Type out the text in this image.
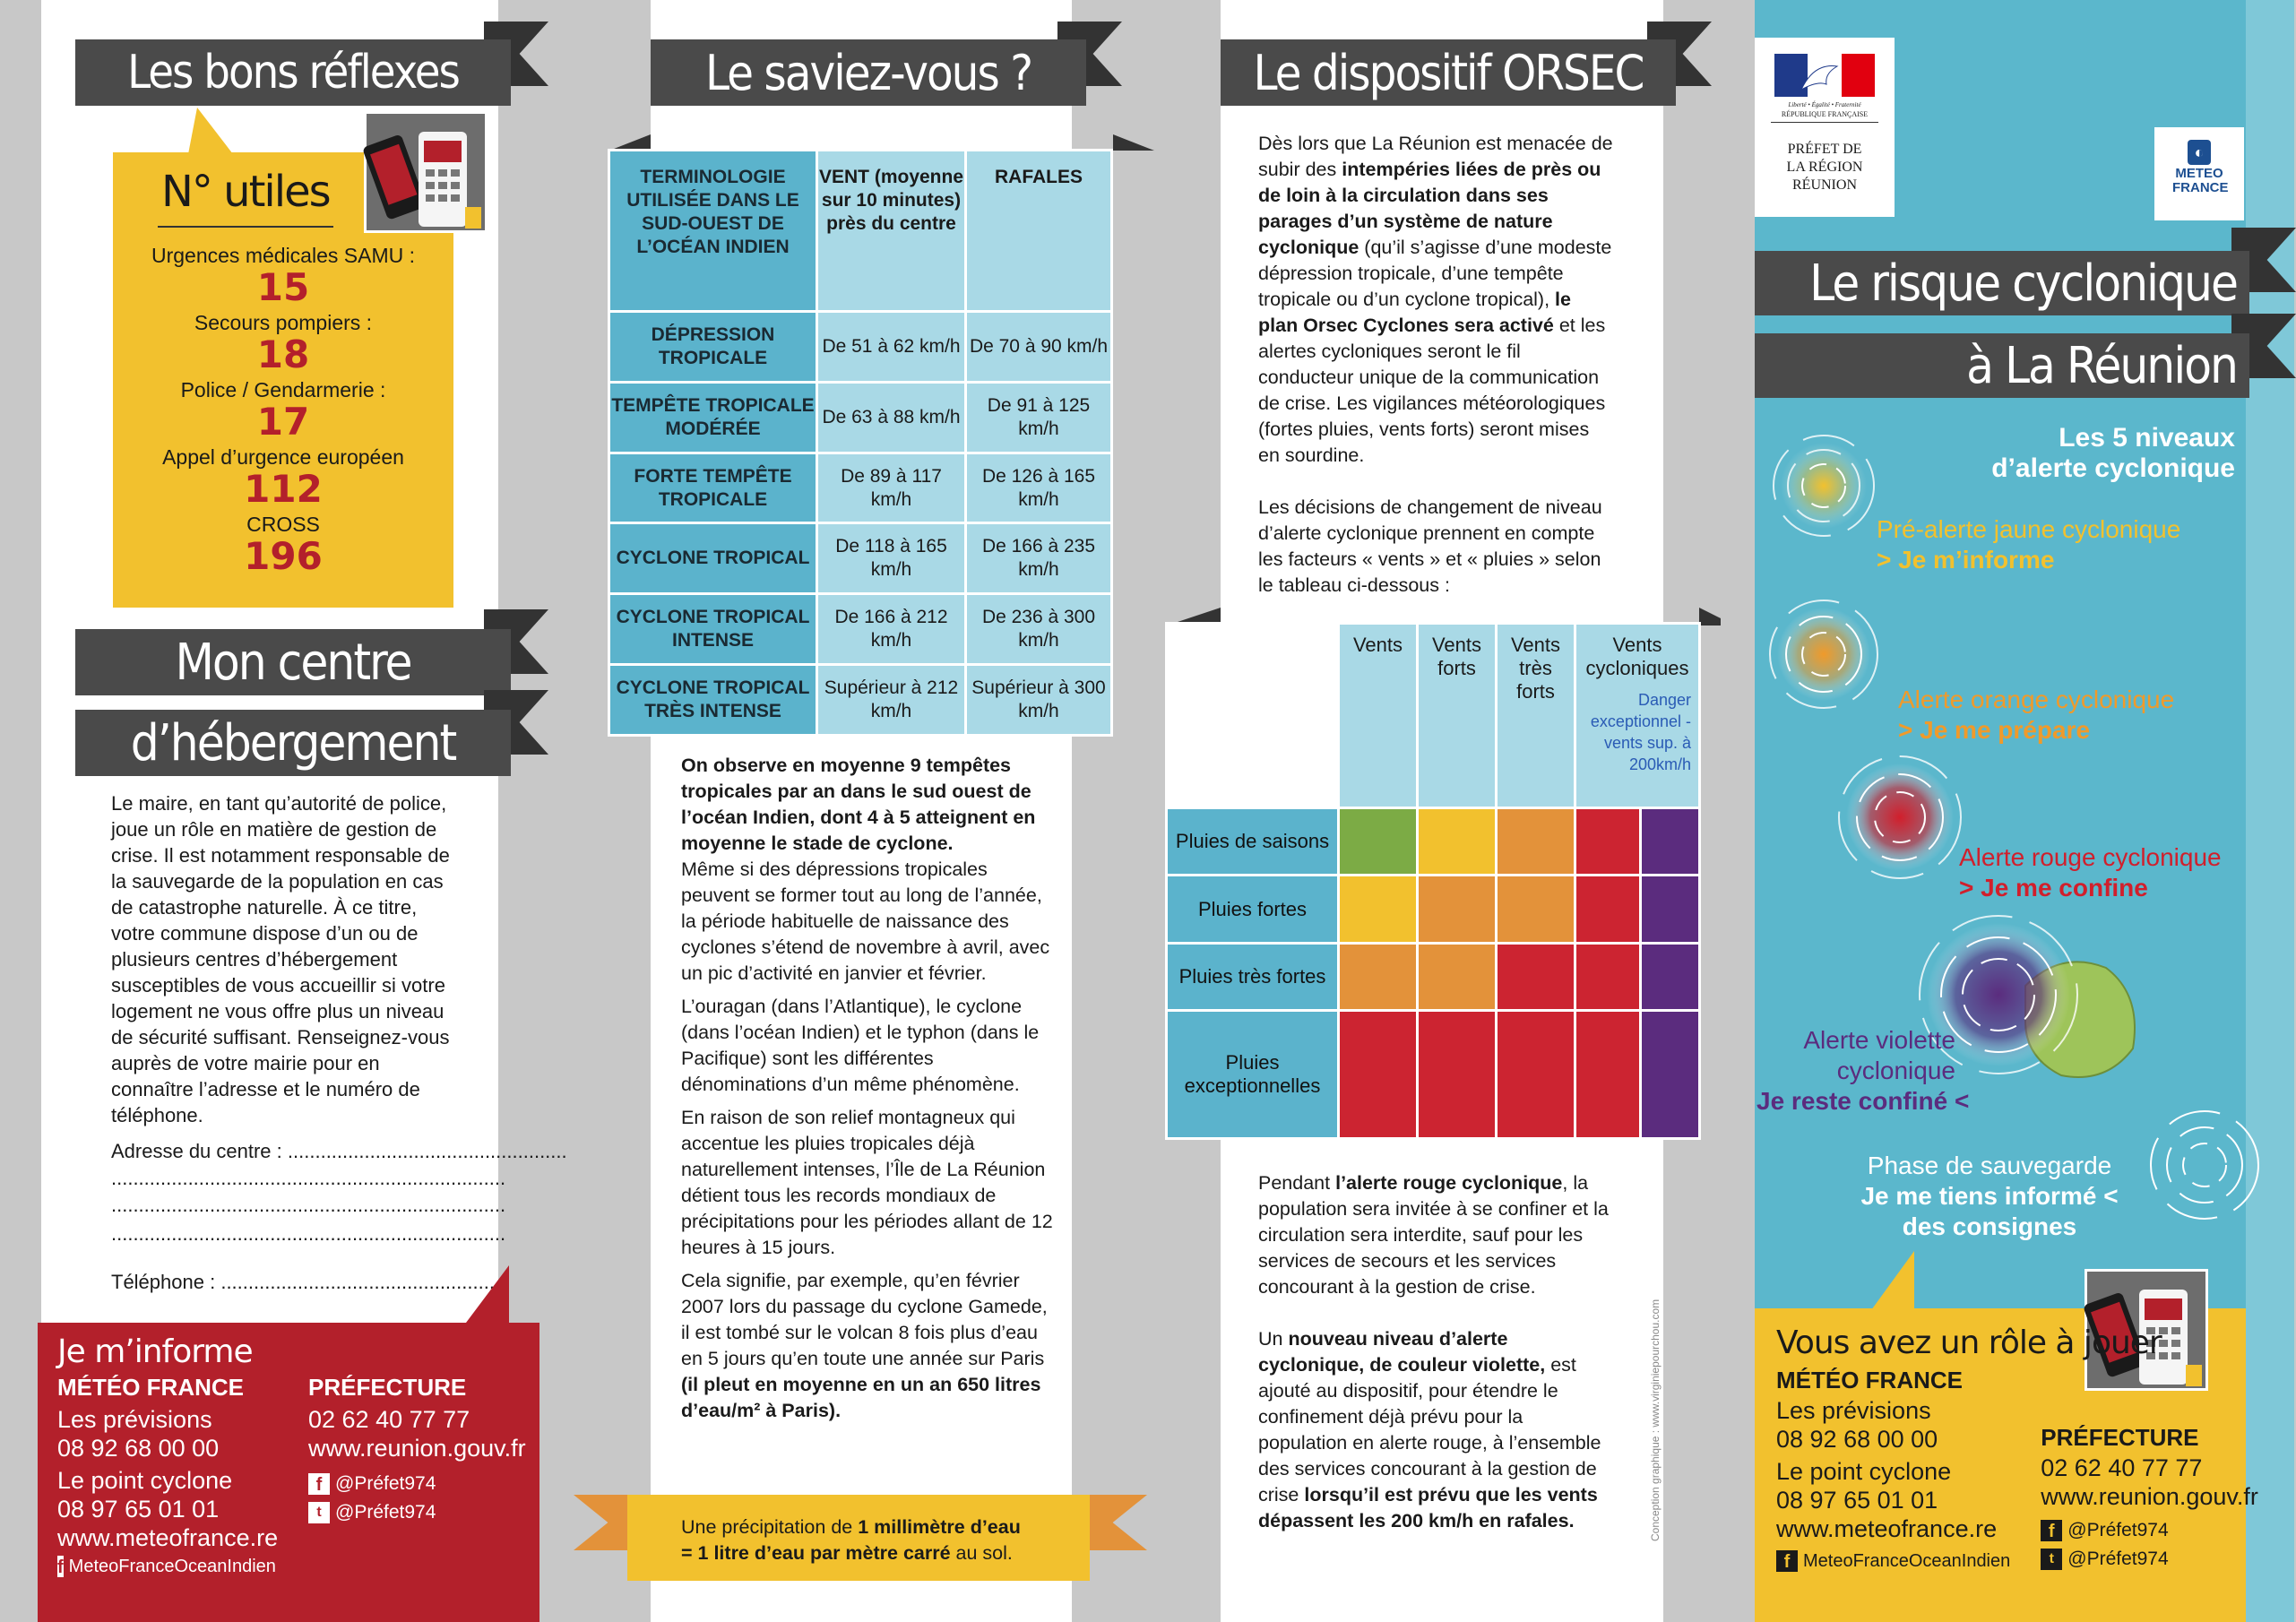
Les bons réflexes
N° utiles
Urgences médicales SAMU :
15
Secours pompiers :
18
Police / Gendarmerie :
17
Appel d’urgence européen
112
CROSS
196
Mon centre
d’hébergement
Le maire, en tant qu’autorité de police, joue un rôle en matière de gestion de crise. Il est notamment responsable de la sauvegarde de la population en cas de catastrophe naturelle. À ce titre, votre commune dispose d’un ou de plusieurs centres d’hébergement susceptibles de vous accueillir si votre logement ne vous offre plus un niveau de sécurité suffisant. Renseignez-vous auprès de votre mairie pour en connaître l’adresse et le numéro de téléphone.
Adresse du centre : ...................................................
........................................................................
........................................................................
........................................................................
Téléphone : ...................................................
Je m’informe
MÉTÉO FRANCE
Les prévisions
08 92 68 00 00
Le point cyclone
08 97 65 01 01
www.meteofrance.re
f MeteoFranceOceanIndien
PRÉFECTURE
02 62 40 77 77
www.reunion.gouv.fr
f @Préfet974
t @Préfet974
Le saviez-vous ?
TERMINOLOGIE UTILISÉE DANS LE SUD-OUEST DE L’OCÉAN INDIEN	VENT (moyenne sur 10 minutes) près du centre	RAFALES
DÉPRESSION TROPICALE	De 51 à 62 km/h	De 70 à 90 km/h
TEMPÊTE TROPICALE MODÉRÉE	De 63 à 88 km/h	De 91 à 125 km/h
FORTE TEMPÊTE TROPICALE	De 89 à 117 km/h	De 126 à 165 km/h
CYCLONE TROPICAL	De 118 à 165 km/h	De 166 à 235 km/h
CYCLONE TROPICAL INTENSE	De 166 à 212 km/h	De 236 à 300 km/h
CYCLONE TROPICAL TRÈS INTENSE	Supérieur à 212 km/h	Supérieur à 300 km/h

On observe en moyenne 9 tempêtes tropicales par an dans le sud ouest de l’océan Indien, dont 4 à 5 atteignent en moyenne le stade de cyclone.

Même si des dépressions tropicales peuvent se former tout au long de l’année, la période habituelle de naissance des cyclones s’étend de novembre à avril, avec un pic d’activité en janvier et février.

L’ouragan (dans l’Atlantique), le cyclone (dans l’océan Indien) et le typhon (dans le Pacifique) sont les différentes dénominations d’un même phénomène.

En raison de son relief montagneux qui accentue les pluies tropicales déjà naturellement intenses, l’Île de La Réunion détient tous les records mondiaux de précipitations pour les périodes allant de 12 heures à 15 jours.

Cela signifie, par exemple, qu’en février 2007 lors du passage du cyclone Gamede, il est tombé sur le volcan 8 fois plus d’eau en 5 jours qu’en toute une année sur Paris (il pleut en moyenne en un an 650 litres d’eau/m² à Paris).

Une précipitation de 1 millimètre d’eau
= 1 litre d’eau par mètre carré au sol.
Le dispositif ORSEC

Dès lors que La Réunion est menacée de subir des intempéries liées de près ou de loin à la circulation dans ses parages d’un système de nature cyclonique (qu’il s’agisse d’une modeste dépression tropicale, d’une tempête tropicale ou d’un cyclone tropical), le plan Orsec Cyclones sera activé et les alertes cycloniques seront le fil conducteur unique de la communication de crise. Les vigilances météorologiques (fortes pluies, vents forts) seront mises en sourdine.

Les décisions de changement de niveau d’alerte cyclonique prennent en compte les facteurs « vents » et « pluies » selon le tableau ci-dessous :

	Vents	Vents forts	Vents très forts	Vents cycloniques
Danger exceptionnel - vents sup. à 200km/h	

Pluies de saisons					
Pluies fortes					
Pluies très fortes					
Pluies exceptionnelles					

Pendant l’alerte rouge cyclonique, la population sera invitée à se confiner et la circulation sera interdite, sauf pour les services de secours et les services concourant à la gestion de crise.

Un nouveau niveau d’alerte cyclonique, de couleur violette, est ajouté au dispositif, pour étendre le confinement déjà prévu pour la population en alerte rouge, à l’ensemble des services concourant à la gestion de crise lorsqu’il est prévu que les vents dépassent les 200 km/h en rafales.	Conception graphique : www.virginiepourchou.com
Liberté • Égalité • Fraternité
RÉPUBLIQUE FRANÇAISE
PRÉFET DE LA RÉGION RÉUNION
◐
METEO FRANCE
Le risque cyclonique
à La Réunion
Les 5 niveaux
d’alerte cyclonique
Pré-alerte jaune cyclonique
> Je m’informe
Alerte orange cyclonique
> Je me prépare
Alerte rouge cyclonique
> Je me confine
Alerte violette cyclonique
Je reste confiné <
Phase de sauvegarde
Je me tiens informé <
des consignes
Vous avez un rôle à jouer
MÉTÉO FRANCE
Les prévisions
08 92 68 00 00
Le point cyclone
08 97 65 01 01
www.meteofrance.re
f MeteoFranceOceanIndien
PRÉFECTURE
02 62 40 77 77
www.reunion.gouv.fr
f @Préfet974
t @Préfet974
